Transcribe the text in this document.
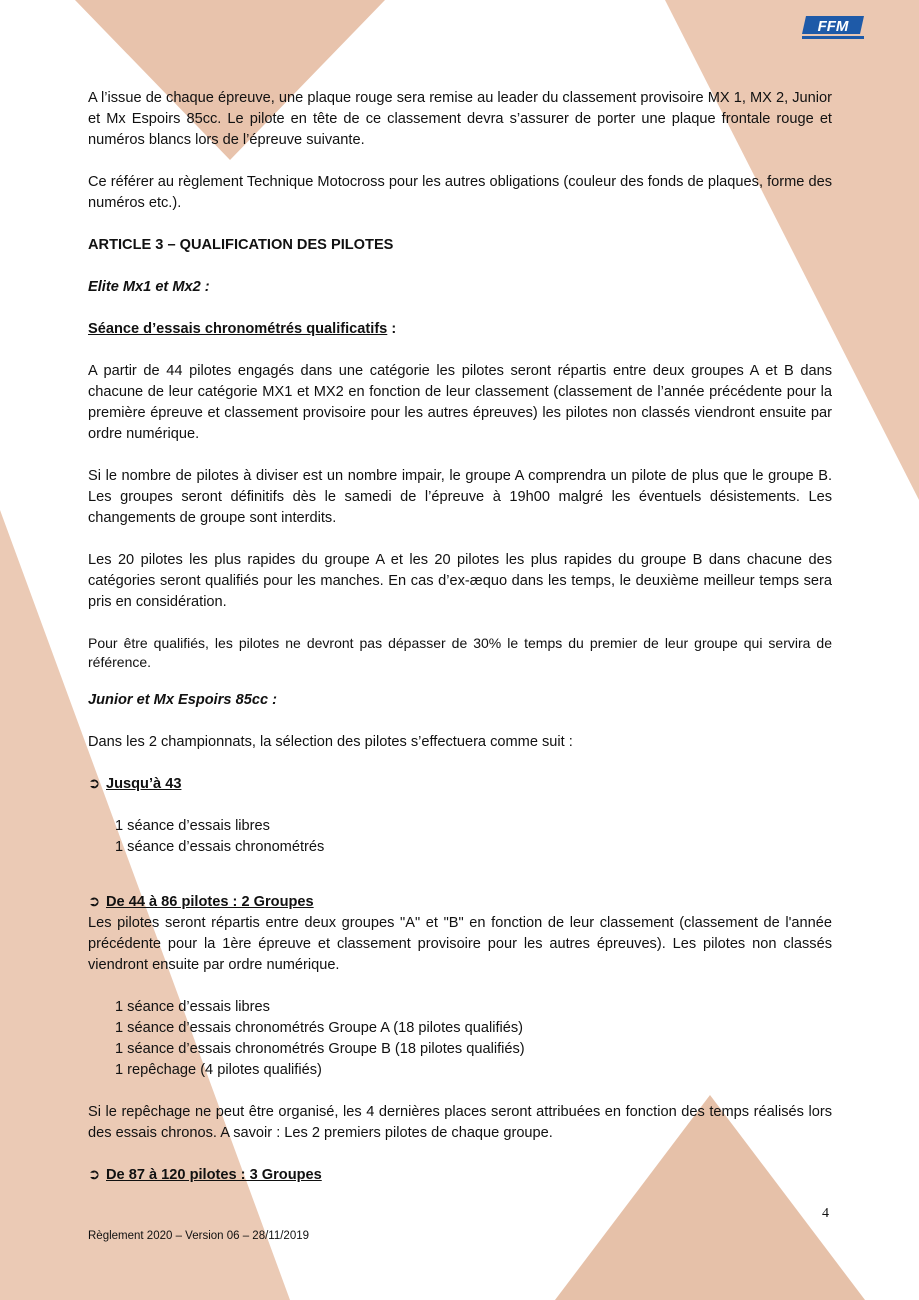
FFM

A l’issue de chaque épreuve, une plaque rouge sera remise au leader du classement provisoire MX 1, MX 2, Junior et Mx Espoirs 85cc. Le pilote en tête de ce classement devra s’assurer de porter une plaque frontale rouge et numéros blancs lors de l’épreuve suivante.

Ce référer au règlement Technique Motocross pour les autres obligations (couleur des fonds de plaques, forme des numéros etc.).

ARTICLE 3 – QUALIFICATION DES PILOTES

Elite Mx1 et Mx2 :

Séance d’essais chronométrés qualificatifs :

A partir de 44 pilotes engagés dans une catégorie les pilotes seront répartis entre deux groupes A et B dans chacune de leur catégorie MX1 et MX2 en fonction de leur classement (classement de l’année précédente pour la première épreuve et classement provisoire pour les autres épreuves) les pilotes non classés viendront ensuite par ordre numérique.

Si le nombre de pilotes à diviser est un nombre impair, le groupe A comprendra un pilote de plus que le groupe B. Les groupes seront définitifs dès le samedi de l’épreuve à 19h00 malgré les éventuels désistements. Les changements de groupe sont interdits.

Les 20 pilotes les plus rapides du groupe A et les 20 pilotes les plus rapides du groupe B dans chacune des catégories seront qualifiés pour les manches. En cas d’ex-æquo dans les temps, le deuxième meilleur temps sera pris en considération.

Pour être qualifiés, les pilotes ne devront pas dépasser de 30% le temps du premier de leur groupe qui servira de référence.

Junior et Mx Espoirs 85cc :

Dans les 2 championnats, la sélection des pilotes s’effectuera comme suit :

➲ Jusqu’à 43

1 séance d’essais libres

1 séance d’essais chronométrés

➲ De 44 à 86 pilotes : 2 Groupes

Les pilotes seront répartis entre deux groupes "A" et "B" en fonction de leur classement (classement de l'année précédente pour la 1ère épreuve et classement provisoire pour les autres épreuves). Les pilotes non classés viendront ensuite par ordre numérique.

1 séance d’essais libres

1 séance d’essais chronométrés Groupe A (18 pilotes qualifiés)

1 séance d’essais chronométrés Groupe B (18 pilotes qualifiés)

1 repêchage (4 pilotes qualifiés)

Si le repêchage ne peut être organisé, les 4 dernières places seront attribuées en fonction des temps réalisés lors des essais chronos. A savoir : Les 2 premiers pilotes de chaque groupe.

➲ De 87 à 120 pilotes : 3 Groupes

4
Règlement 2020 – Version 06 – 28/11/2019
